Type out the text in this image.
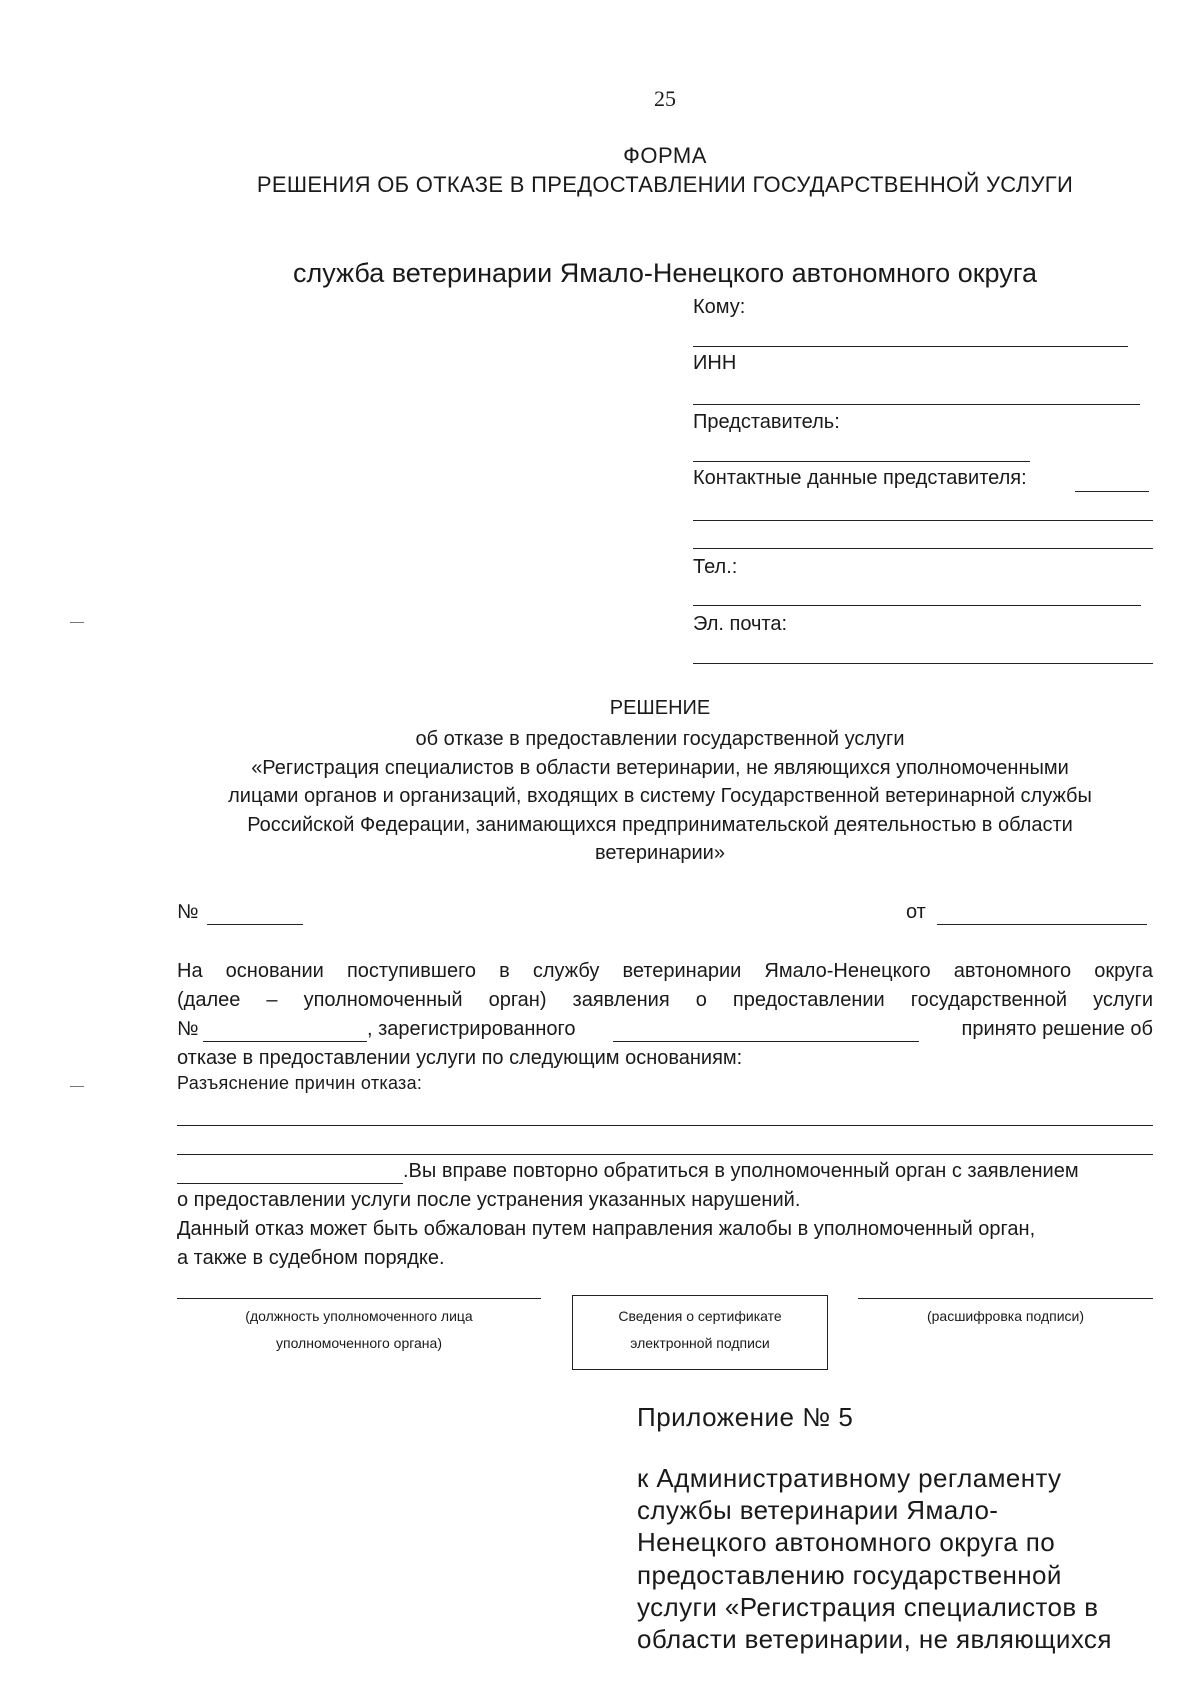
25
ФОРМА
РЕШЕНИЯ ОБ ОТКАЗЕ В ПРЕДОСТАВЛЕНИИ ГОСУДАРСТВЕННОЙ УСЛУГИ
служба ветеринарии Ямало-Ненецкого автономного округа
Кому:
ИНН
Представитель:
Контактные данные представителя:
Тел.:
Эл. почта:
РЕШЕНИЕ
об отказе в предоставлении государственной услуги
«Регистрация специалистов в области ветеринарии, не являющихся уполномоченными
лицами органов и организаций, входящих в систему Государственной ветеринарной службы
Российской Федерации, занимающихся предпринимательской деятельностью в области
ветеринарии»
№	от
На основании поступившего в службу ветеринарии Ямало-Ненецкого автономного округа
(далее – уполномоченный орган) заявления о предоставлении государственной услуги
№	, зарегистрированного	принято решение об
отказе в предоставлении услуги по следующим основаниям:
Разъяснение причин отказа:
.Вы вправе повторно обратиться в уполномоченный орган с заявлением
о предоставлении услуги после устранения указанных нарушений.
Данный отказ может быть обжалован путем направления жалобы в уполномоченный орган,
а также в судебном порядке.
(должность уполномоченного лица
уполномоченного органа)
Сведения о сертификате
электронной подписи
(расшифровка подписи)
Приложение № 5
к Административному регламенту
службы ветеринарии Ямало-
Ненецкого автономного округа по
предоставлению государственной
услуги «Регистрация специалистов в
области ветеринарии, не являющихся
